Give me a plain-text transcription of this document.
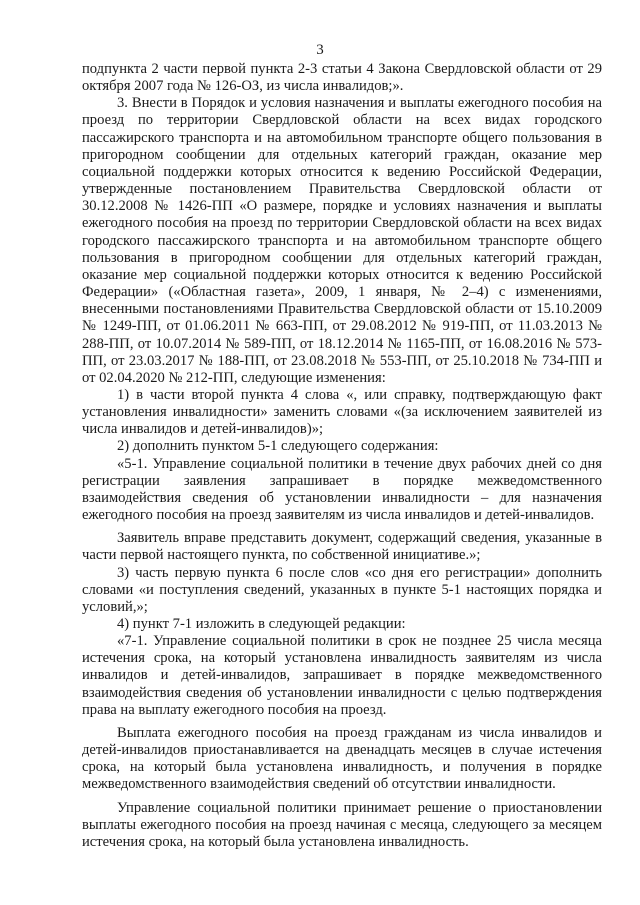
3

подпункта 2 части первой пункта 2-3 статьи 4 Закона Свердловской области от 29 октября 2007 года № 126-ОЗ, из числа инвалидов;».

3. Внести в Порядок и условия назначения и выплаты ежегодного пособия на проезд по территории Свердловской области на всех видах городского пассажирского транспорта и на автомобильном транспорте общего пользования в пригородном сообщении для отдельных категорий граждан, оказание мер социальной поддержки которых относится к ведению Российской Федерации, утвержденные постановлением Правительства Свердловской области от 30.12.2008 № 1426-ПП «О размере, порядке и условиях назначения и выплаты ежегодного пособия на проезд по территории Свердловской области на всех видах городского пассажирского транспорта и на автомобильном транспорте общего пользования в пригородном сообщении для отдельных категорий граждан, оказание мер социальной поддержки которых относится к ведению Российской Федерации» («Областная газета», 2009, 1 января, № 2–4) с изменениями, внесенными постановлениями Правительства Свердловской области от 15.10.2009 № 1249-ПП, от 01.06.2011 № 663-ПП, от 29.08.2012 № 919-ПП, от 11.03.2013 № 288-ПП, от 10.07.2014 № 589-ПП, от 18.12.2014 № 1165-ПП, от 16.08.2016 № 573-ПП, от 23.03.2017 № 188-ПП, от 23.08.2018 № 553-ПП, от 25.10.2018 № 734-ПП и от 02.04.2020 № 212-ПП, следующие изменения:

1) в части второй пункта 4 слова «, или справку, подтверждающую факт установления инвалидности» заменить словами «(за исключением заявителей из числа инвалидов и детей-инвалидов)»;

2) дополнить пунктом 5-1 следующего содержания:

«5-1. Управление социальной политики в течение двух рабочих дней со дня регистрации заявления запрашивает в порядке межведомственного взаимодействия сведения об установлении инвалидности – для назначения ежегодного пособия на проезд заявителям из числа инвалидов и детей-инвалидов.

Заявитель вправе представить документ, содержащий сведения, указанные в части первой настоящего пункта, по собственной инициативе.»;

3) часть первую пункта 6 после слов «со дня его регистрации» дополнить словами «и поступления сведений, указанных в пункте 5-1 настоящих порядка и условий,»;

4) пункт 7-1 изложить в следующей редакции:

«7-1. Управление социальной политики в срок не позднее 25 числа месяца истечения срока, на который установлена инвалидность заявителям из числа инвалидов и детей-инвалидов, запрашивает в порядке межведомственного взаимодействия сведения об установлении инвалидности с целью подтверждения права на выплату ежегодного пособия на проезд.

Выплата ежегодного пособия на проезд гражданам из числа инвалидов и детей-инвалидов приостанавливается на двенадцать месяцев в случае истечения срока, на который была установлена инвалидность, и получения в порядке межведомственного взаимодействия сведений об отсутствии инвалидности.

Управление социальной политики принимает решение о приостановлении выплаты ежегодного пособия на проезд начиная с месяца, следующего за месяцем истечения срока, на который была установлена инвалидность.
